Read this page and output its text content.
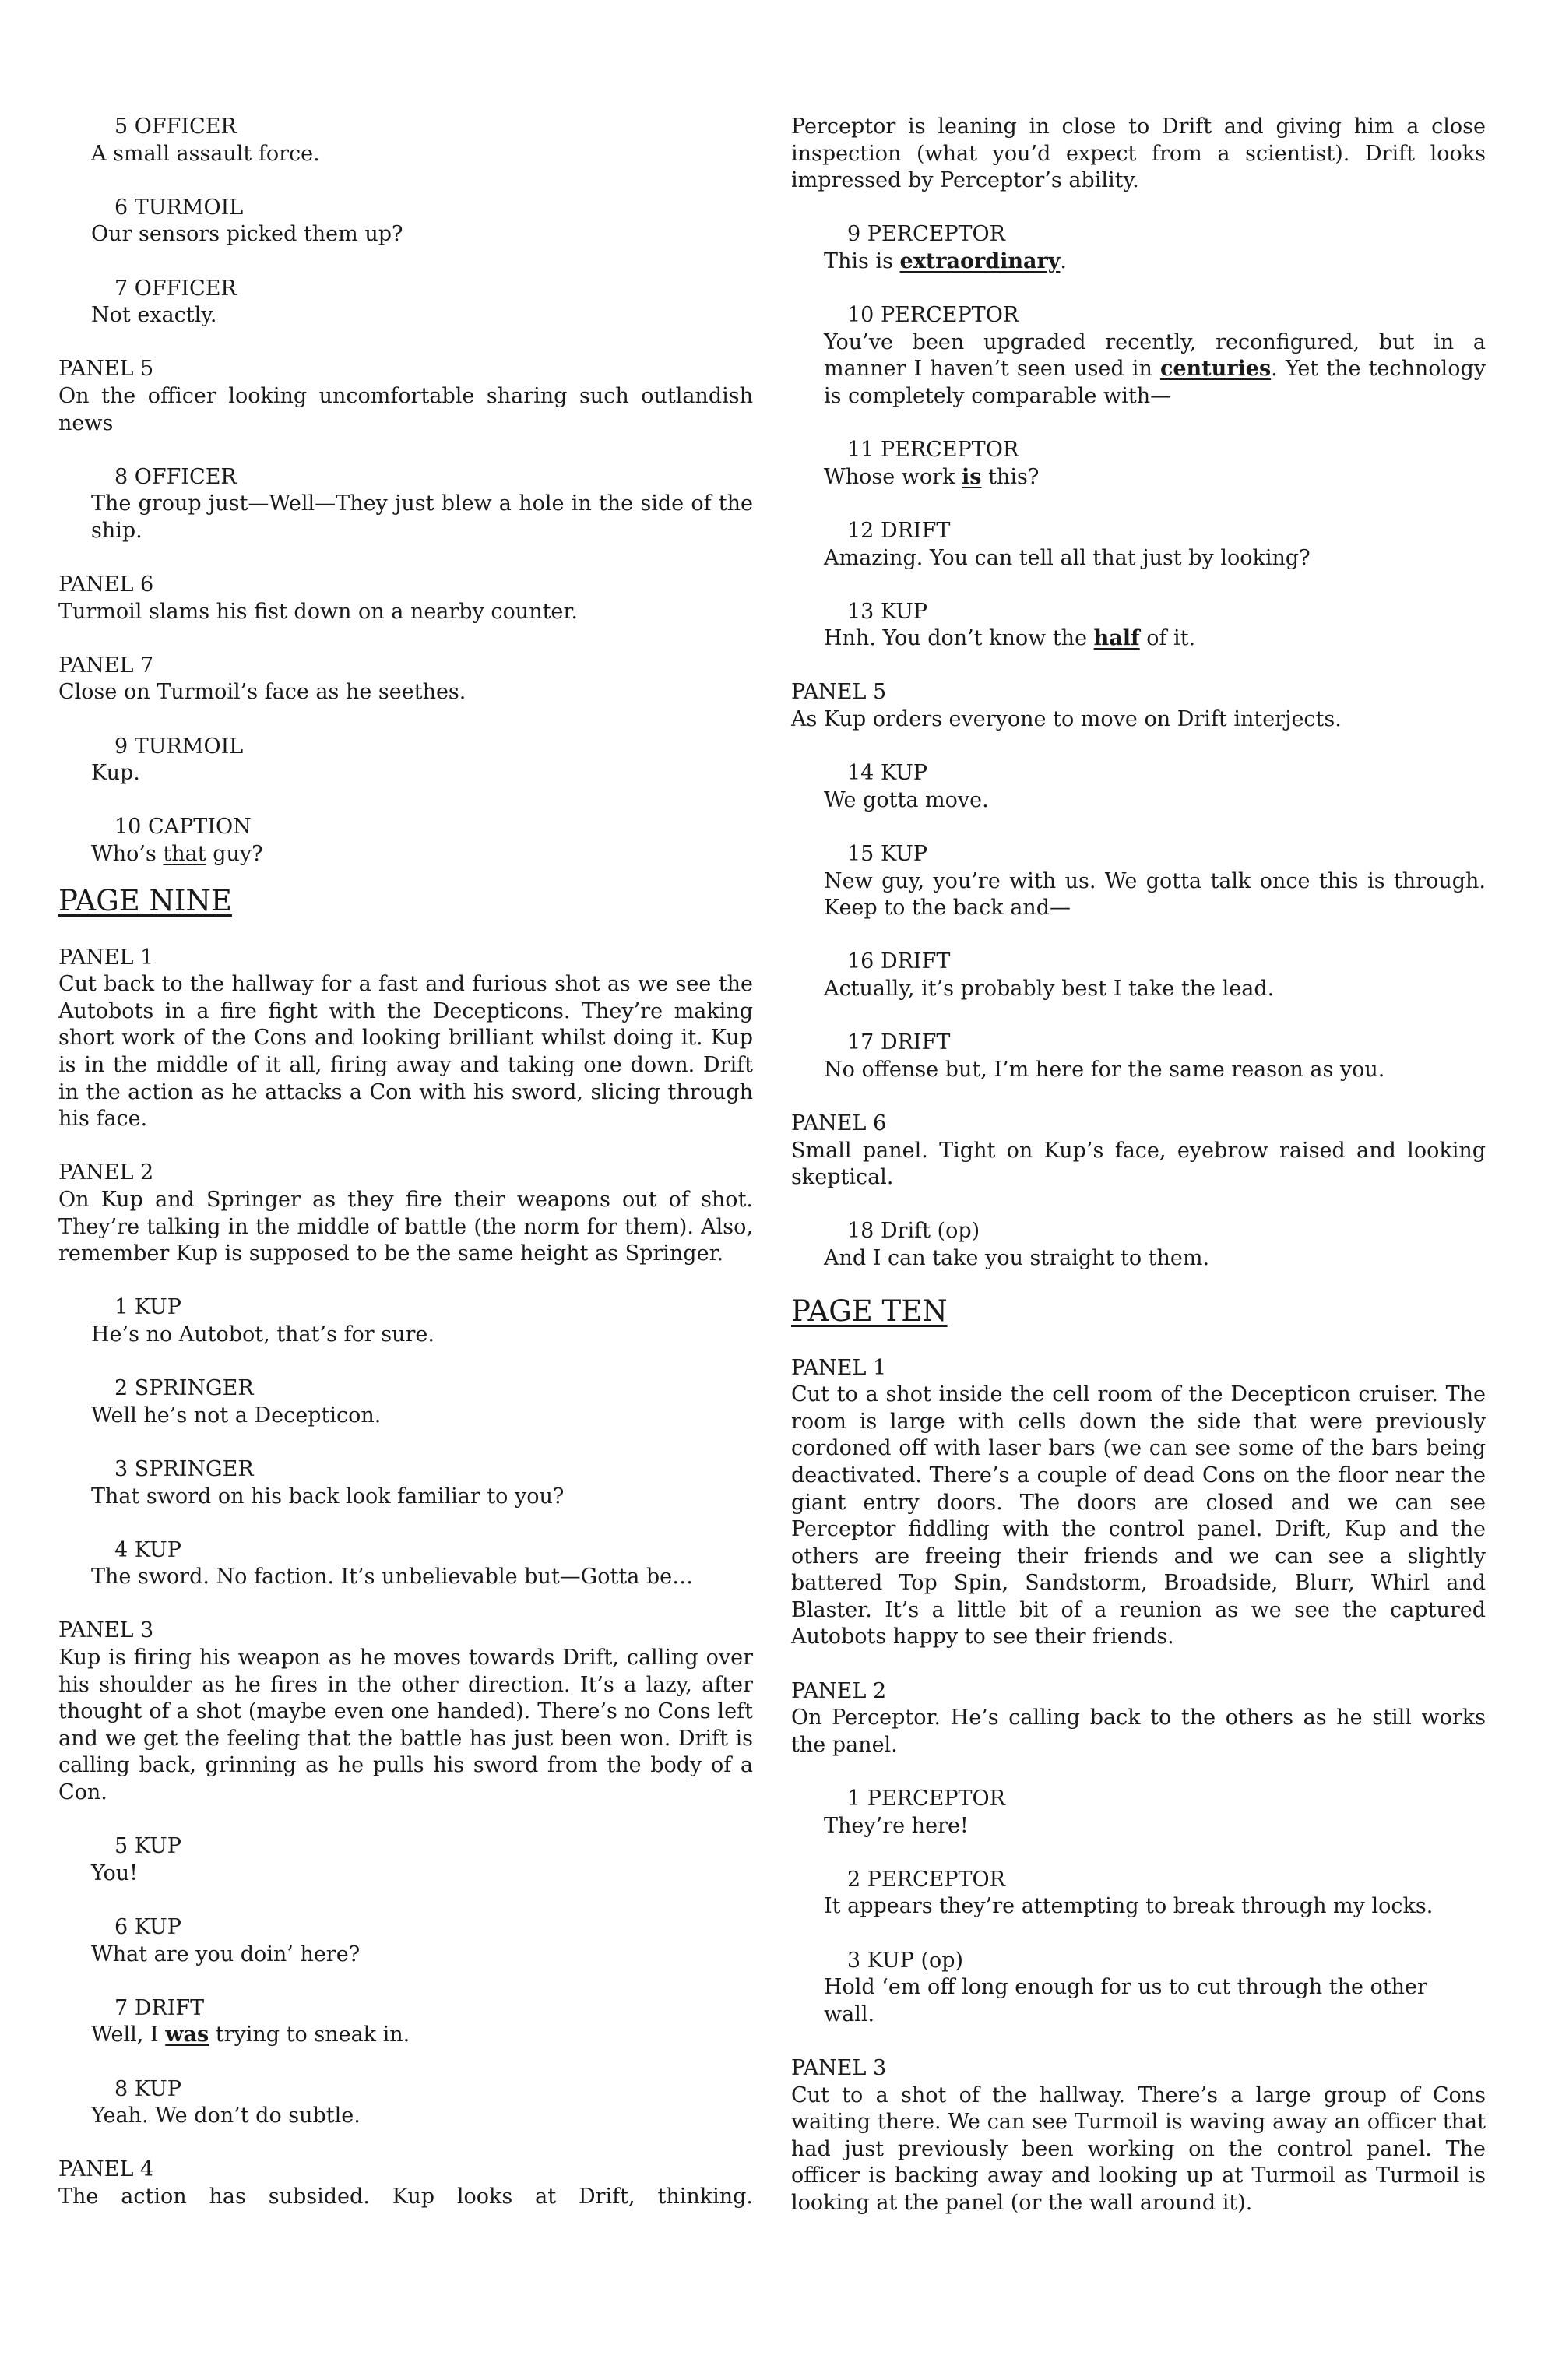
5 OFFICER
A small assault force.
6 TURMOIL
Our sensors picked them up?
7 OFFICER
Not exactly.
PANEL 5
On the officer looking uncomfortable sharing such outlandish news
8 OFFICER
The group just—Well—They just blew a hole in the side of the ship.
PANEL 6
Turmoil slams his fist down on a nearby counter.
PANEL 7
Close on Turmoil’s face as he seethes.
9 TURMOIL
Kup.
10 CAPTION
Who’s that guy?
PAGE NINE
PANEL 1
Cut back to the hallway for a fast and furious shot as we see the Autobots in a fire fight with the Decepticons. They’re making short work of the Cons and looking brilliant whilst doing it. Kup is in the middle of it all, firing away and taking one down. Drift in the action as he attacks a Con with his sword, slicing through his face.
PANEL 2
On Kup and Springer as they fire their weapons out of shot. They’re talking in the middle of battle (the norm for them). Also, remember Kup is supposed to be the same height as Springer.
1 KUP
He’s no Autobot, that’s for sure.
2 SPRINGER
Well he’s not a Decepticon.
3 SPRINGER
That sword on his back look familiar to you?
4 KUP
The sword. No faction. It’s unbelievable but—Gotta be…
PANEL 3
Kup is firing his weapon as he moves towards Drift, calling over his shoulder as he fires in the other direction. It’s a lazy, after thought of a shot (maybe even one handed). There’s no Cons left and we get the feeling that the battle has just been won. Drift is calling back, grinning as he pulls his sword from the body of a Con.
5 KUP
You!
6 KUP
What are you doin’ here?
7 DRIFT
Well, I was trying to sneak in.
8 KUP
Yeah. We don’t do subtle.
PANEL 4
The action has subsided. Kup looks at Drift, thinking.
Perceptor is leaning in close to Drift and giving him a close inspection (what you’d expect from a scientist). Drift looks impressed by Perceptor’s ability.
9 PERCEPTOR
This is extraordinary.
10 PERCEPTOR
You’ve been upgraded recently, reconfigured, but in a manner I haven’t seen used in centuries. Yet the technology is completely comparable with—
11 PERCEPTOR
Whose work is this?
12 DRIFT
Amazing. You can tell all that just by looking?
13 KUP
Hnh. You don’t know the half of it.
PANEL 5
As Kup orders everyone to move on Drift interjects.
14 KUP
We gotta move.
15 KUP
New guy, you’re with us. We gotta talk once this is through. Keep to the back and—
16 DRIFT
Actually, it’s probably best I take the lead.
17 DRIFT
No offense but, I’m here for the same reason as you.
PANEL 6
Small panel. Tight on Kup’s face, eyebrow raised and looking skeptical.
18 Drift (op)
And I can take you straight to them.
PAGE TEN
PANEL 1
Cut to a shot inside the cell room of the Decepticon cruiser. The room is large with cells down the side that were previously cordoned off with laser bars (we can see some of the bars being deactivated. There’s a couple of dead Cons on the floor near the giant entry doors. The doors are closed and we can see Perceptor fiddling with the control panel. Drift, Kup and the others are freeing their friends and we can see a slightly battered Top Spin, Sandstorm, Broadside, Blurr, Whirl and Blaster. It’s a little bit of a reunion as we see the captured Autobots happy to see their friends.
PANEL 2
On Perceptor. He’s calling back to the others as he still works the panel.
1 PERCEPTOR
They’re here!
2 PERCEPTOR
It appears they’re attempting to break through my locks.
3 KUP (op)
Hold ‘em off long enough for us to cut through the other wall.
PANEL 3
Cut to a shot of the hallway. There’s a large group of Cons waiting there. We can see Turmoil is waving away an officer that had just previously been working on the control panel. The officer is backing away and looking up at Turmoil as Turmoil is looking at the panel (or the wall around it).
